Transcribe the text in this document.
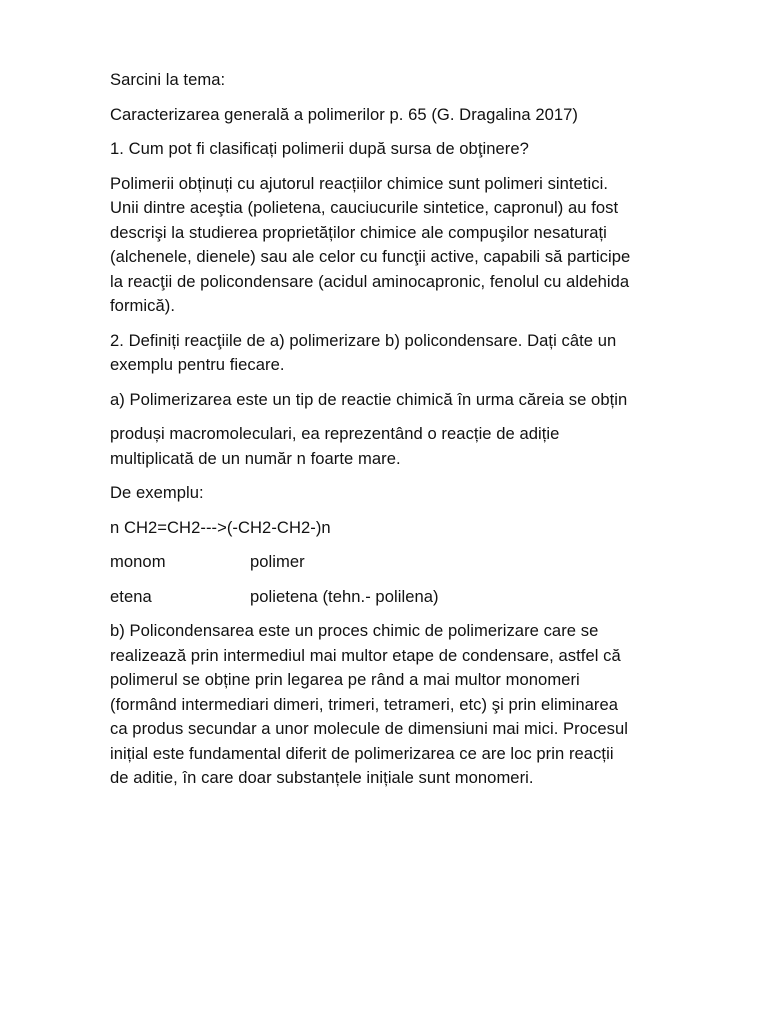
Sarcini la tema:

Caracterizarea generală a polimerilor p. 65 (G. Dragalina 2017)

1. Cum pot fi clasificați polimerii după sursa de obţinere?

Polimerii obținuți cu ajutorul reacțiilor chimice sunt polimeri sintetici.
Unii dintre aceştia (polietena, cauciucurile sintetice, capronul) au fost
descrişi la studierea proprietăților chimice ale compuşilor nesaturați
(alchenele, dienele) sau ale celor cu funcţii active, capabili să participe
la reacţii de policondensare (acidul aminocapronic, fenolul cu aldehida
formică).

2. Definiți reacţiile de a) polimerizare b) policondensare. Dați câte un
exemplu pentru fiecare.

a) Polimerizarea este un tip de reactie chimică în urma căreia se obțin

produși macromoleculari, ea reprezentând o reacție de adiție
multiplicată de un număr n foarte mare.

De exemplu:

n CH2=CH2--->(-CH2-CH2-)n

monom	polimer
etena	polietena (tehn.- polilena)

b) Policondensarea este un proces chimic de polimerizare care se
realizează prin intermediul mai multor etape de condensare, astfel că
polimerul se obține prin legarea pe rând a mai multor monomeri
(formând intermediari dimeri, trimeri, tetrameri, etc) şi prin eliminarea
ca produs secundar a unor molecule de dimensiuni mai mici. Procesul
inițial este fundamental diferit de polimerizarea ce are loc prin reacții
de aditie, în care doar substanțele inițiale sunt monomeri.
